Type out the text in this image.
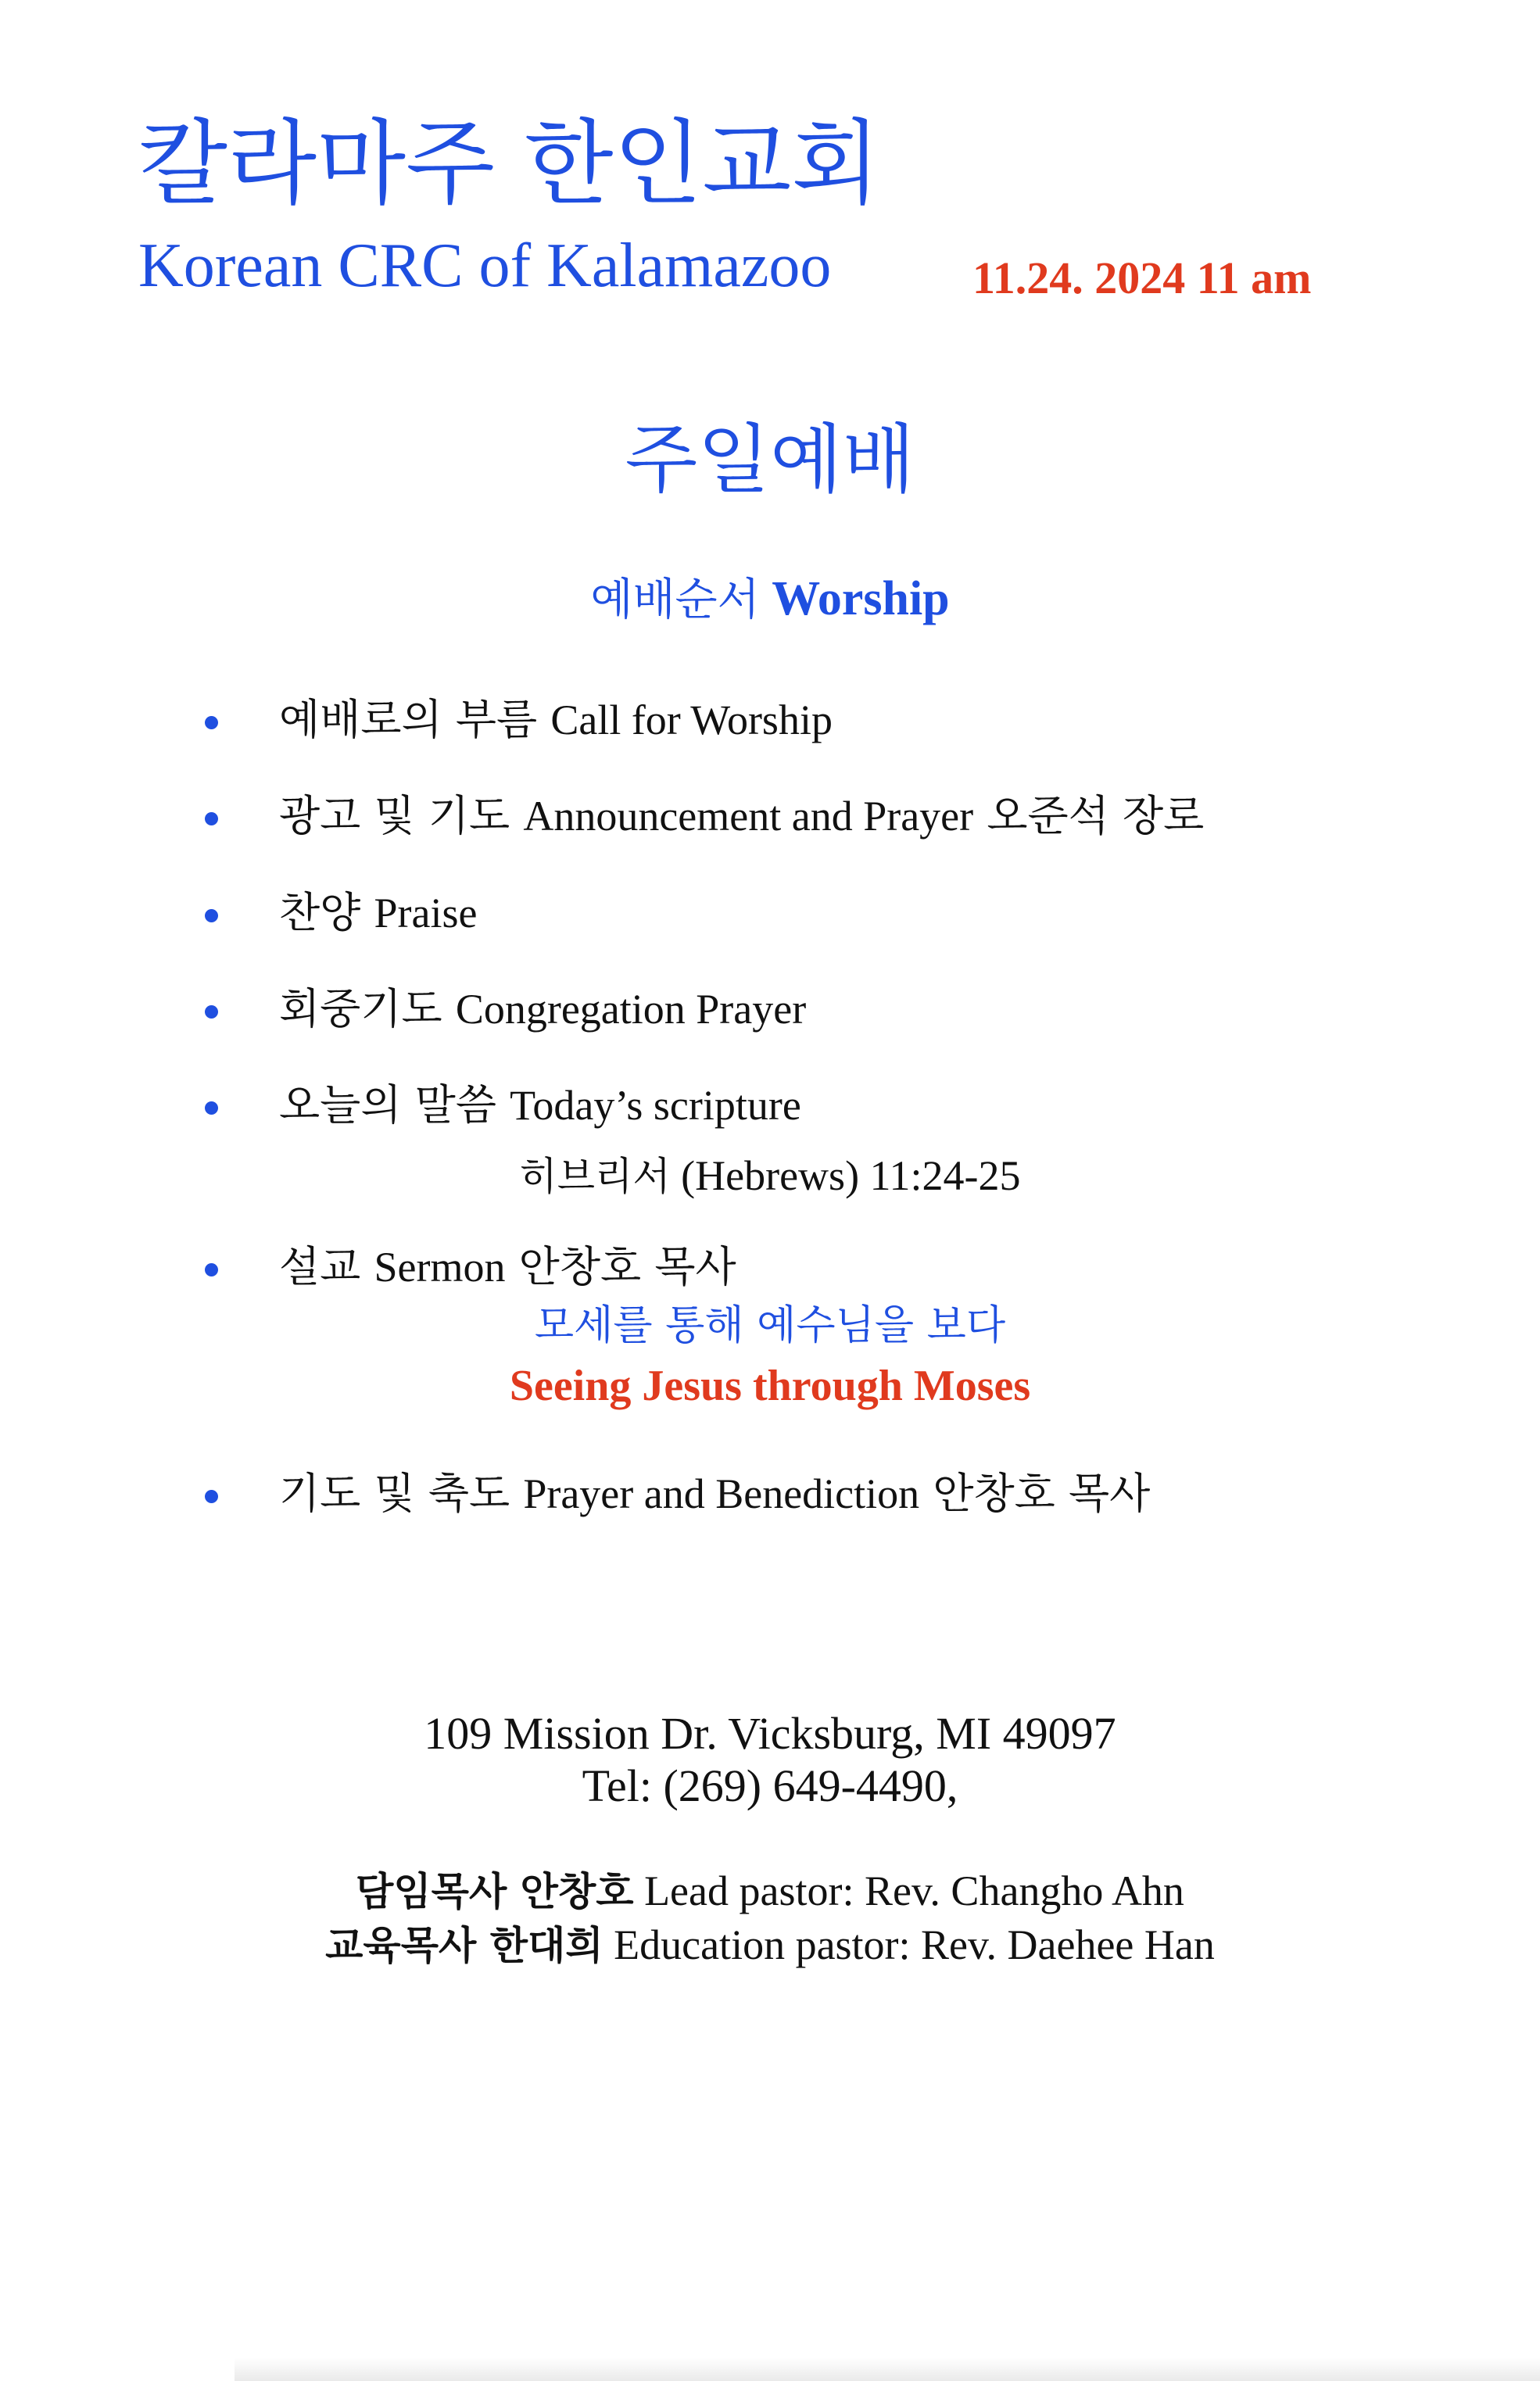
칼라마주 한인교회
Korean CRC of Kalamazoo	11.24. 2024 11 am
주일예배
예배순서 Worship
예배로의 부름 Call for Worship
광고 및 기도 Announcement and Prayer 오준석 장로
찬양 Praise
회중기도 Congregation Prayer
오늘의 말씀 Today’s scripture
히브리서 (Hebrews) 11:24-25
설교 Sermon 안창호 목사
모세를 통해 예수님을 보다
Seeing Jesus through Moses
기도 및 축도 Prayer and Benediction 안창호 목사
109 Mission Dr. Vicksburg, MI 49097
Tel: (269) 649-4490,
담임목사 안창호 Lead pastor: Rev. Changho Ahn
교육목사 한대희 Education pastor: Rev. Daehee Han
